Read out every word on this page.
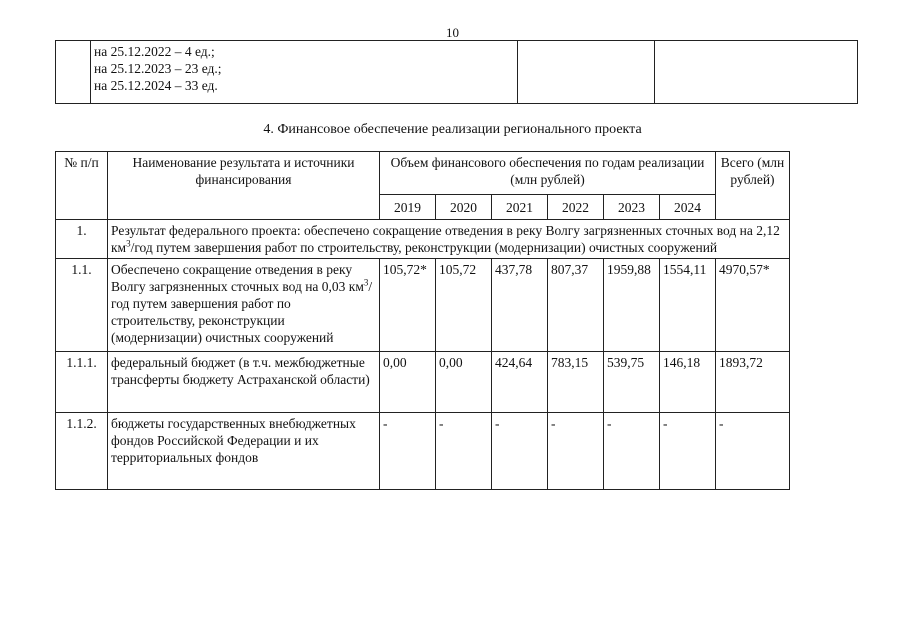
10

на 25.12.2022 – 4 ед.;
на 25.12.2023 – 23 ед.;
на 25.12.2024 – 33 ед.

4. Финансовое обеспечение реализации регионального проекта
№ п/п	Наименование результата и источники финансирования	Объем финансового обеспечения по годам реализации (млн рублей)						Всего (млн рублей)
		2019	2020	2021	2022	2023	2024	
1.	Результат федерального проекта: обеспечено сокращение отведения в реку Волгу загрязненных сточных вод на 2,12 $км^3$/год путем завершения работ по строительству, реконструкции (модернизации) очистных сооружений							
1.1.	Обеспечено сокращение отведения в реку Волгу загрязненных сточных вод на 0,03 $км^3$/год путем завершения работ по строительству, реконструкции (модернизации) очистных сооружений	105,72*	105,72	437,78	807,37	1959,88	1554,11	4970,57*
1.1.1.	федеральный бюджет (в т.ч. межбюджетные трансферты бюджету Астраханской области)	0,00	0,00	424,64	783,15	539,75	146,18	1893,72
1.1.2.	бюджеты государственных внебюджетных фондов Российской Федерации и их территориальных фондов	-	-	-	-	-	-	-
